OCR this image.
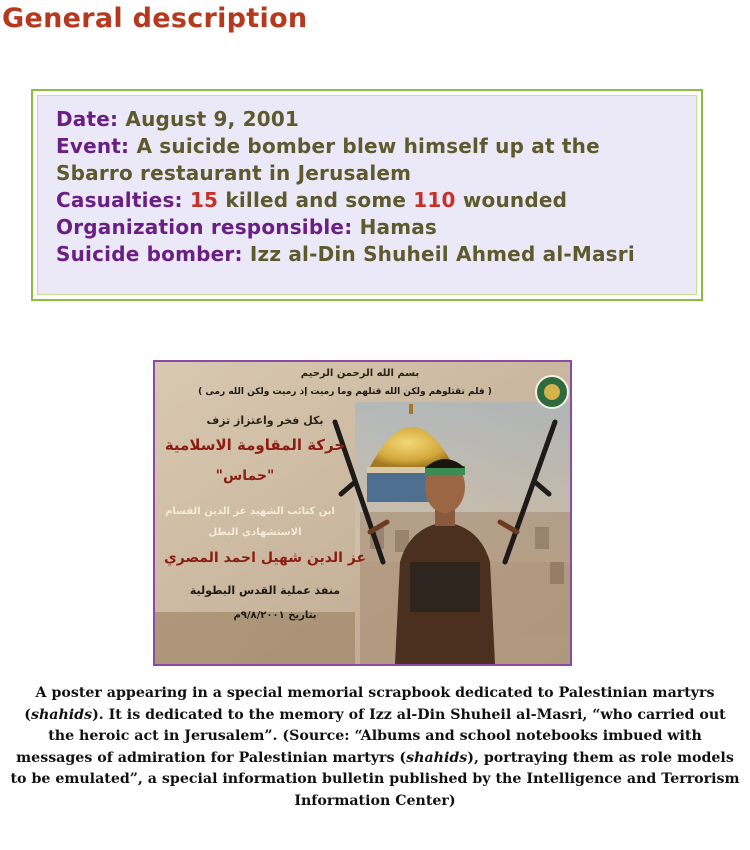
General description
Date: August 9, 2001
Event: A suicide bomber blew himself up at the
Sbarro restaurant in Jerusalem
Casualties: 15 killed and some 110 wounded
Organization responsible: Hamas
Suicide bomber: Izz al-Din Shuheil Ahmed al-Masri
بسم الله الرحمن الرحيم
( فلم تقتلوهم ولكن الله قتلهم وما رميت إذ رميت ولكن الله رمى )
بكل فخر واعتزاز تزف
حركة المقاومة الاسلامية
"حماس"
ابن كتائب الشهيد عز الدين القسام
الاستشهادي البطل
عز الدين شهيل احمد المصري
منفذ عملية القدس البطولية
بتاريخ ٩/٨/٢٠٠١م
A poster appearing in a special memorial scrapbook dedicated to Palestinian martyrs (shahids). It is dedicated to the memory of Izz al-Din Shuheil al-Masri, “who carried out the heroic act in Jerusalem”. (Source: “Albums and school notebooks imbued with messages of admiration for Palestinian martyrs (shahids), portraying them as role models to be emulated”, a special information bulletin published by the Intelligence and Terrorism Information Center)
